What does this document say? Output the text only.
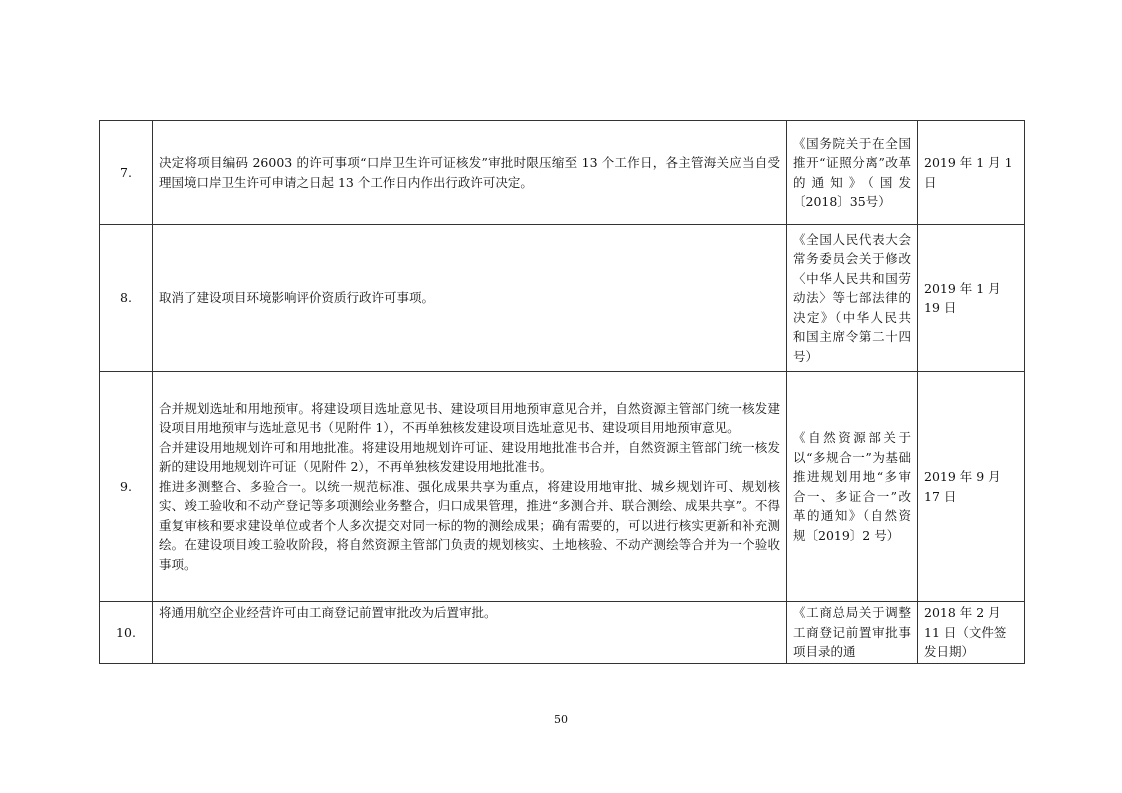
7.	决定将项目编码 26003 的许可事项“口岸卫生许可证核发”审批时限压缩至 13 个工作日，各主管海关应当自受理国境口岸卫生许可申请之日起 13 个工作日内作出行政许可决定。	《国务院关于在全国推开“证照分离”改革的通知》（国发〔2018〕35号）	2019 年 1 月 1 日
8.	取消了建设项目环境影响评价资质行政许可事项。	《全国人民代表大会常务委员会关于修改〈中华人民共和国劳动法〉等七部法律的决定》（中华人民共和国主席令第二十四号）	2019 年 1 月 19 日
9.	合并规划选址和用地预审。将建设项目选址意见书、建设项目用地预审意见合并，自然资源主管部门统一核发建设项目用地预审与选址意见书（见附件 1），不再单独核发建设项目选址意见书、建设项目用地预审意见。
合并建设用地规划许可和用地批准。将建设用地规划许可证、建设用地批准书合并，自然资源主管部门统一核发新的建设用地规划许可证（见附件 2），不再单独核发建设用地批准书。
推进多测整合、多验合一。以统一规范标准、强化成果共享为重点，将建设用地审批、城乡规划许可、规划核实、竣工验收和不动产登记等多项测绘业务整合，归口成果管理，推进“多测合并、联合测绘、成果共享”。不得重复审核和要求建设单位或者个人多次提交对同一标的物的测绘成果；确有需要的，可以进行核实更新和补充测绘。在建设项目竣工验收阶段，将自然资源主管部门负责的规划核实、土地核验、不动产测绘等合并为一个验收事项。	《自然资源部关于以“多规合一”为基础推进规划用地“多审合一、多证合一”改革的通知》（自然资规〔2019〕2 号）	2019 年 9 月 17 日
10.	将通用航空企业经营许可由工商登记前置审批改为后置审批。	《工商总局关于调整工商登记前置审批事项目录的通	2018 年 2 月 11 日（文件签发日期）
50
